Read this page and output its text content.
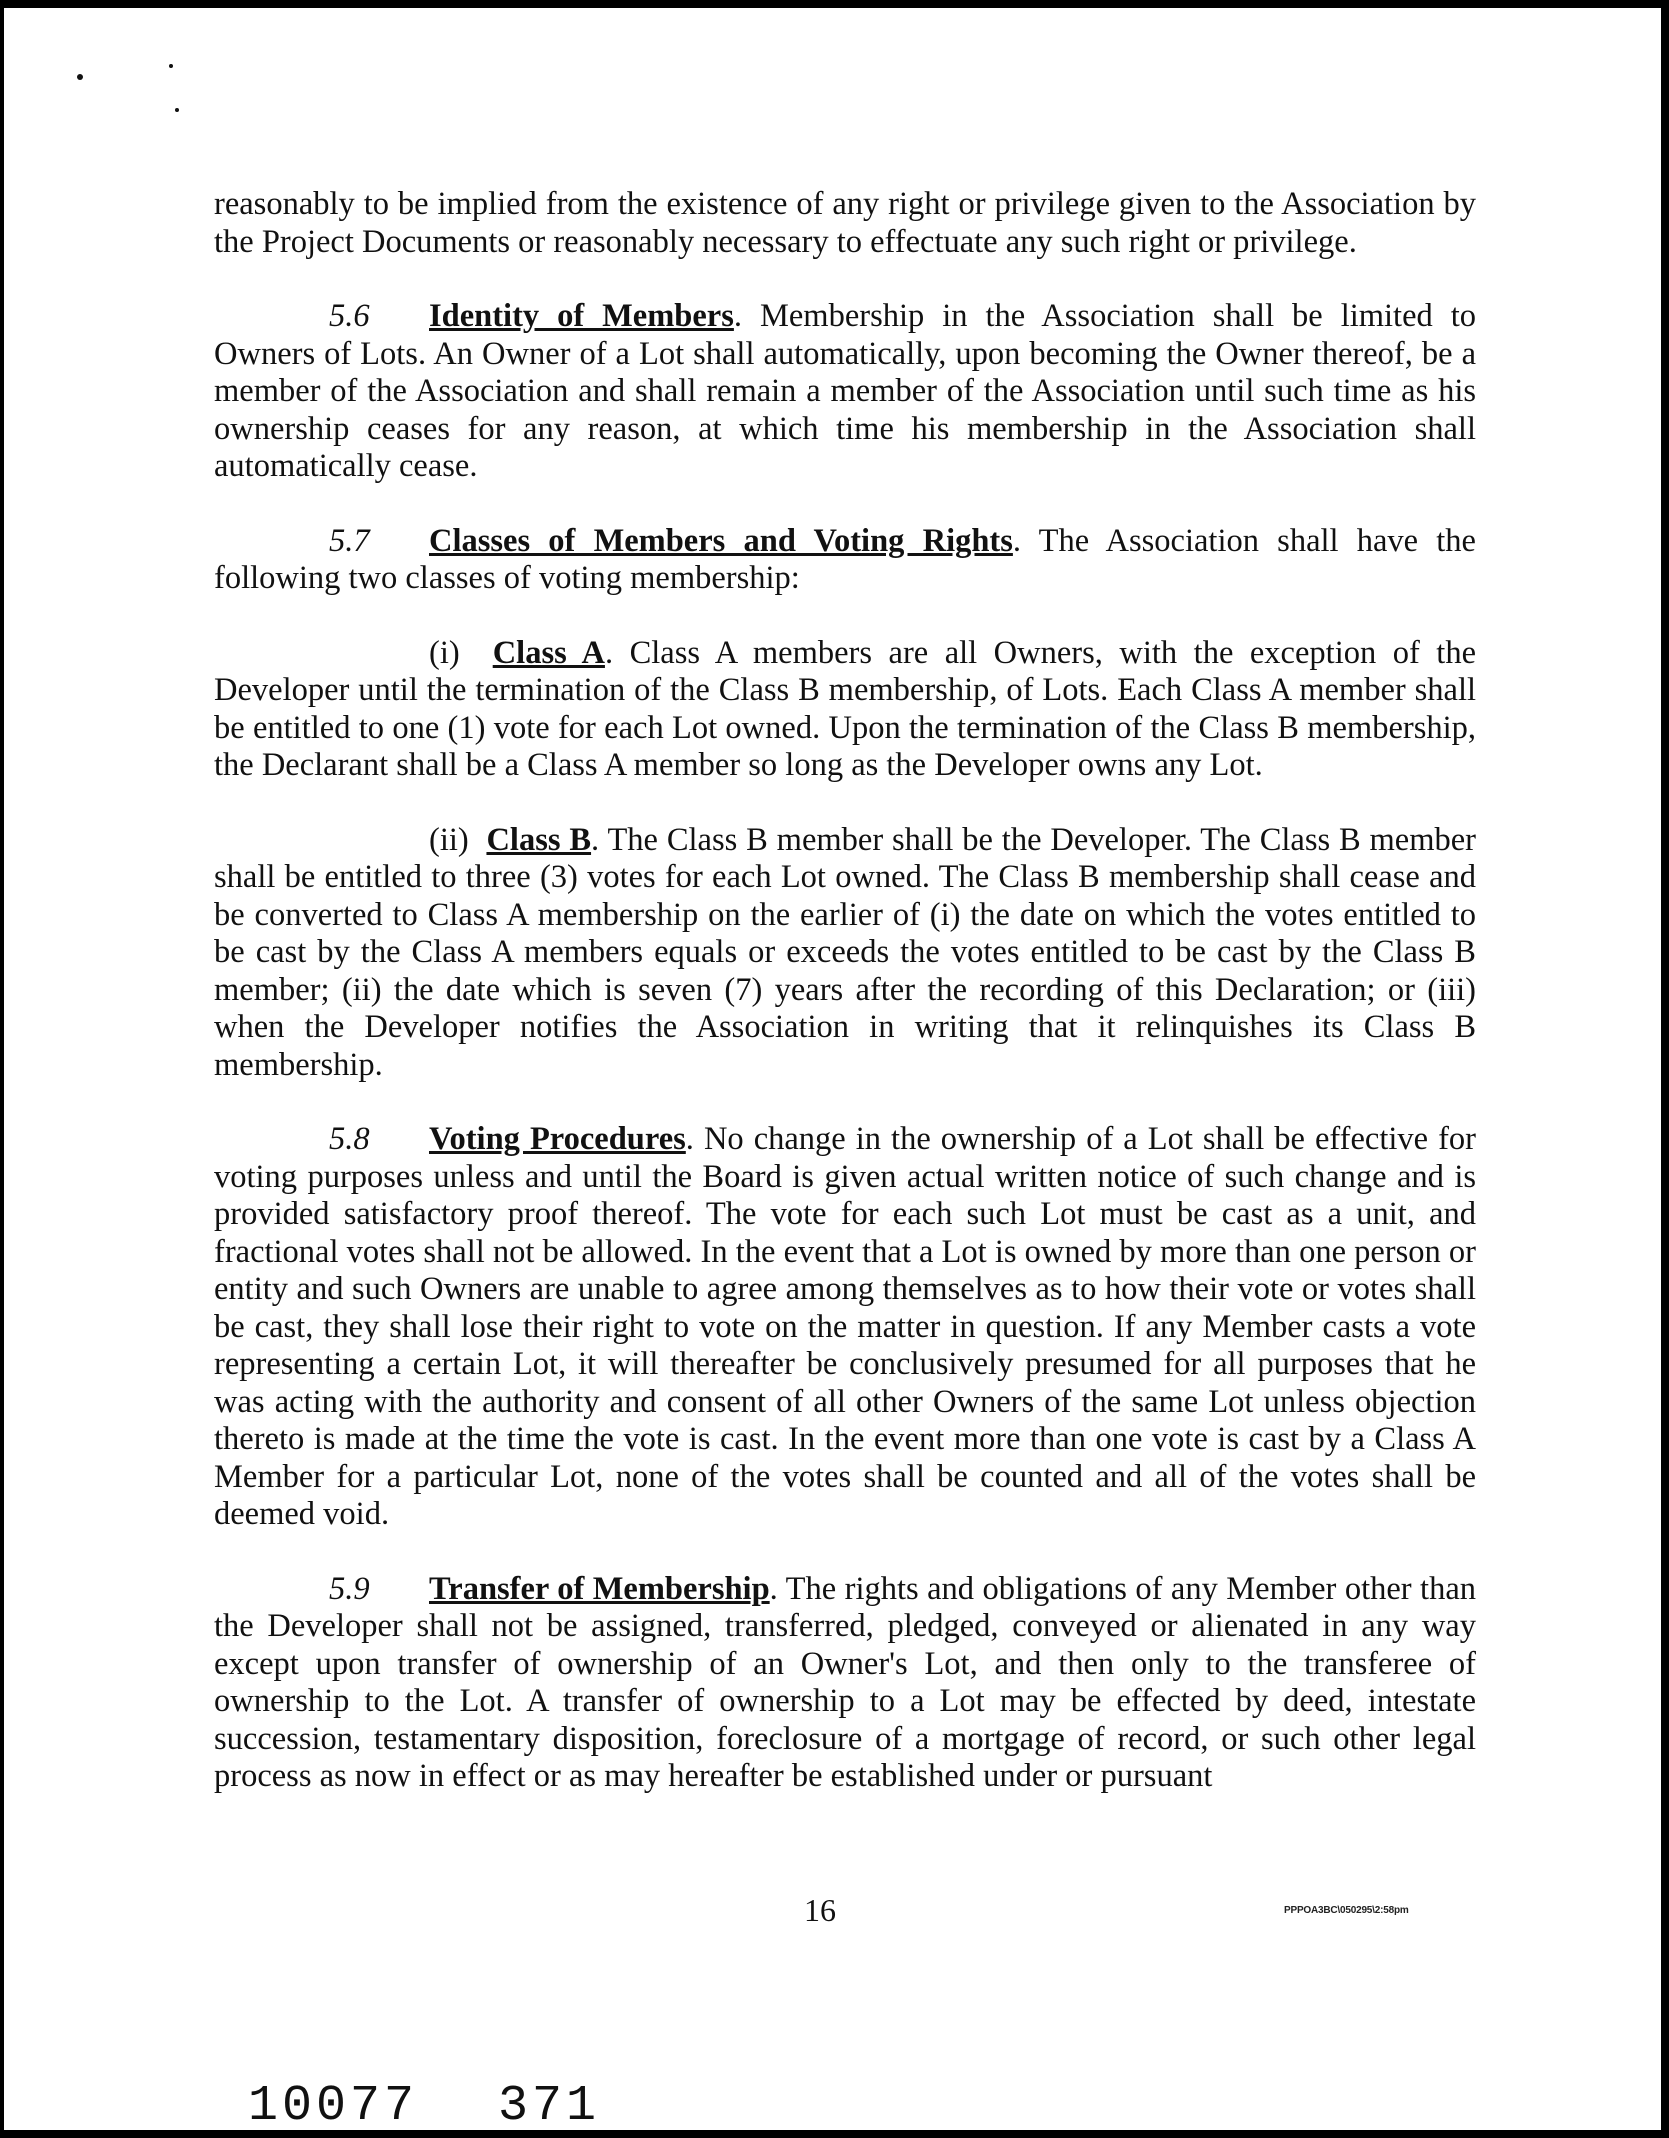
reasonably to be implied from the existence of any right or privilege given to the Association by the Project Documents or reasonably necessary to effectuate any such right or privilege.

5.6 Identity of Members. Membership in the Association shall be limited to Owners of Lots. An Owner of a Lot shall automatically, upon becoming the Owner thereof, be a member of the Association and shall remain a member of the Association until such time as his ownership ceases for any reason, at which time his membership in the Association shall automatically cease.

5.7 Classes of Members and Voting Rights. The Association shall have the following two classes of voting membership:

(i) Class A. Class A members are all Owners, with the exception of the Developer until the termination of the Class B membership, of Lots. Each Class A member shall be entitled to one (1) vote for each Lot owned. Upon the termination of the Class B membership, the Declarant shall be a Class A member so long as the Developer owns any Lot.

(ii) Class B. The Class B member shall be the Developer. The Class B member shall be entitled to three (3) votes for each Lot owned. The Class B membership shall cease and be converted to Class A membership on the earlier of (i) the date on which the votes entitled to be cast by the Class A members equals or exceeds the votes entitled to be cast by the Class B member; (ii) the date which is seven (7) years after the recording of this Declaration; or (iii) when the Developer notifies the Association in writing that it relinquishes its Class B membership.

5.8 Voting Procedures. No change in the ownership of a Lot shall be effective for voting purposes unless and until the Board is given actual written notice of such change and is provided satisfactory proof thereof. The vote for each such Lot must be cast as a unit, and fractional votes shall not be allowed. In the event that a Lot is owned by more than one person or entity and such Owners are unable to agree among themselves as to how their vote or votes shall be cast, they shall lose their right to vote on the matter in question. If any Member casts a vote representing a certain Lot, it will thereafter be conclusively presumed for all purposes that he was acting with the authority and consent of all other Owners of the same Lot unless objection thereto is made at the time the vote is cast. In the event more than one vote is cast by a Class A Member for a particular Lot, none of the votes shall be counted and all of the votes shall be deemed void.

5.9 Transfer of Membership. The rights and obligations of any Member other than the Developer shall not be assigned, transferred, pledged, conveyed or alienated in any way except upon transfer of ownership of an Owner's Lot, and then only to the transferee of ownership to the Lot. A transfer of ownership to a Lot may be effected by deed, intestate succession, testamentary disposition, foreclosure of a mortgage of record, or such other legal process as now in effect or as may hereafter be established under or pursuant

16	PPPOA3BC\050295\2:58pm
10077 371
